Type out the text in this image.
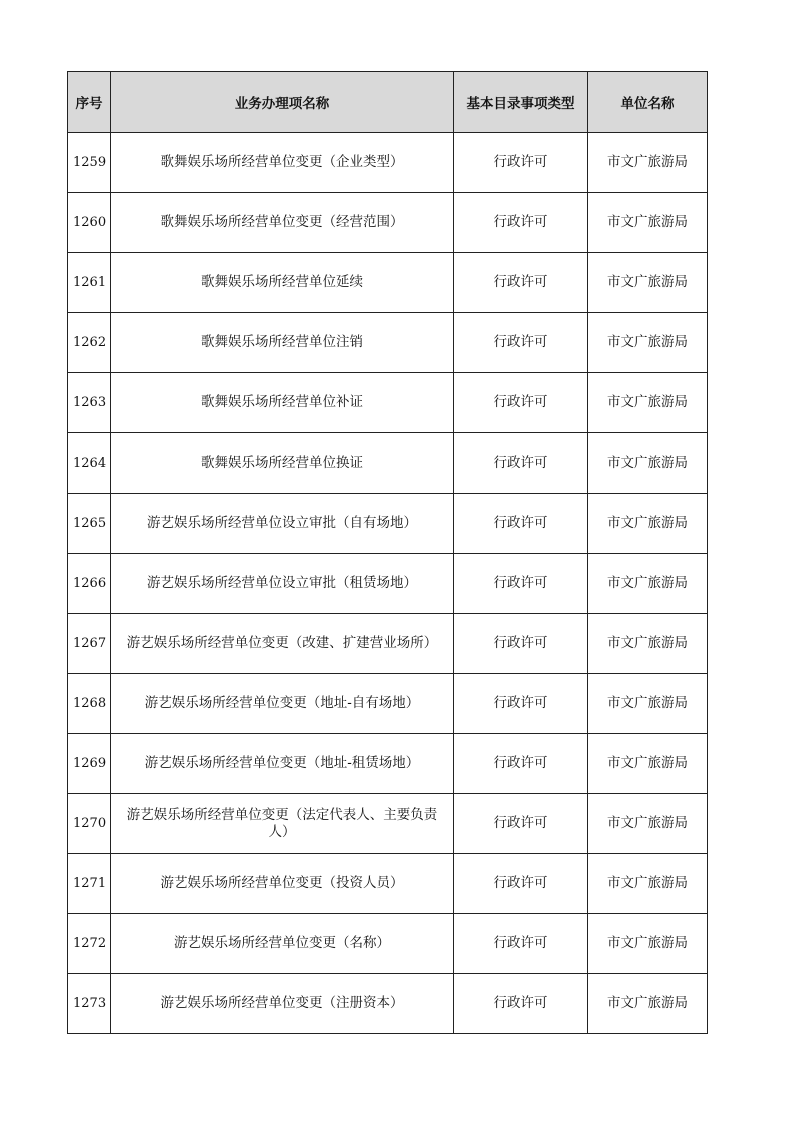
序号	业务办理项名称	基本目录事项类型	单位名称
1259	歌舞娱乐场所经营单位变更（企业类型）	行政许可	市文广旅游局
1260	歌舞娱乐场所经营单位变更（经营范围）	行政许可	市文广旅游局
1261	歌舞娱乐场所经营单位延续	行政许可	市文广旅游局
1262	歌舞娱乐场所经营单位注销	行政许可	市文广旅游局
1263	歌舞娱乐场所经营单位补证	行政许可	市文广旅游局
1264	歌舞娱乐场所经营单位换证	行政许可	市文广旅游局
1265	游艺娱乐场所经营单位设立审批（自有场地）	行政许可	市文广旅游局
1266	游艺娱乐场所经营单位设立审批（租赁场地）	行政许可	市文广旅游局
1267	游艺娱乐场所经营单位变更（改建、扩建营业场所）	行政许可	市文广旅游局
1268	游艺娱乐场所经营单位变更（地址-自有场地）	行政许可	市文广旅游局
1269	游艺娱乐场所经营单位变更（地址-租赁场地）	行政许可	市文广旅游局
1270	游艺娱乐场所经营单位变更（法定代表人、主要负责人）	行政许可	市文广旅游局
1271	游艺娱乐场所经营单位变更（投资人员）	行政许可	市文广旅游局
1272	游艺娱乐场所经营单位变更（名称）	行政许可	市文广旅游局
1273	游艺娱乐场所经营单位变更（注册资本）	行政许可	市文广旅游局
